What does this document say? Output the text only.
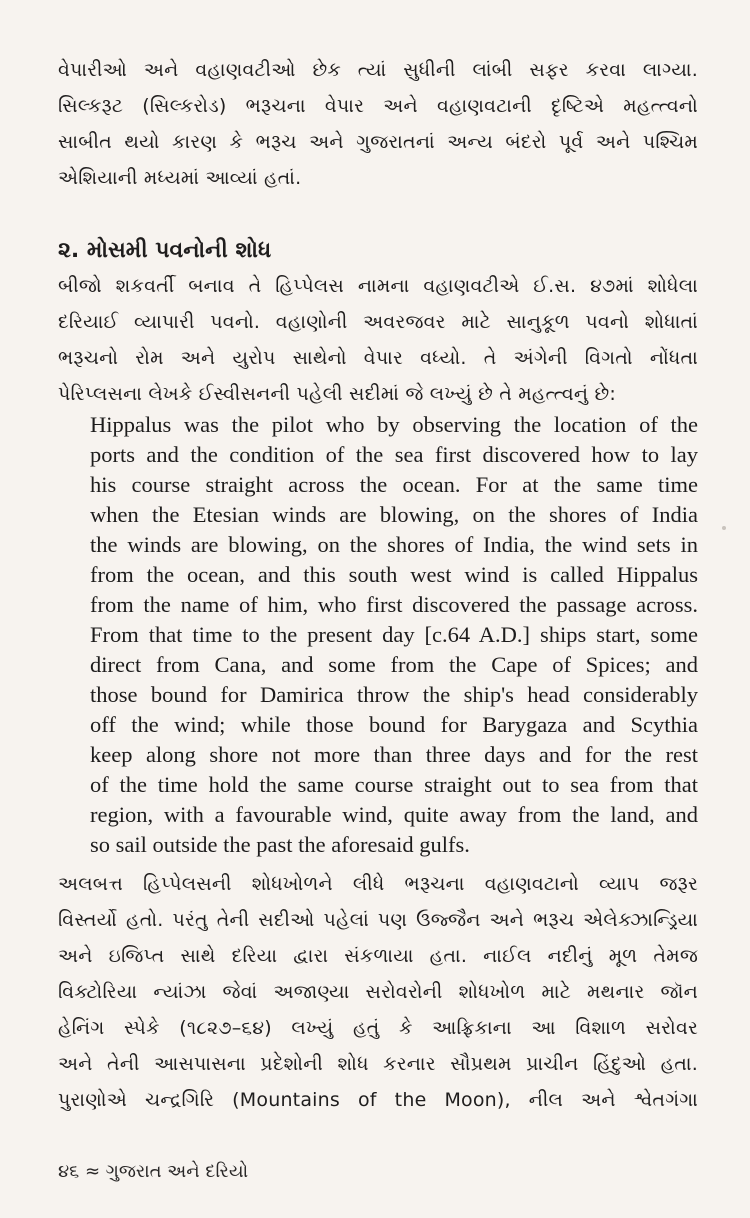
વેપારીઓ અને વહાણવટીઓ છેક ત્યાં સુધીની લાંબી સફર કરવા લાગ્યા.
સિલ્કરૂટ (સિલ્કરોડ) ભરૂચના વેપાર અને વહાણવટાની દૃષ્ટિએ મહત્ત્વનો
સાબીત થયો કારણ કે ભરૂચ અને ગુજરાતનાં અન્ય બંદરો પૂર્વ અને પશ્ચિમ
એશિયાની મધ્યમાં આવ્યાં હતાં.
૨. મોસમી પવનોની શોધ
બીજો શકવર્તી બનાવ તે હિપ્પેલસ નામના વહાણવટીએ ઈ.સ. ૪૭માં શોધેલા
દરિયાઈ વ્યાપારી પવનો. વહાણોની અવરજવર માટે સાનુકૂળ પવનો શોધાતાં
ભરૂચનો રોમ અને યુરોપ સાથેનો વેપાર વધ્યો. તે અંગેની વિગતો નોંધતા
પેરિપ્લસના લેખકે ઈસ્વીસનની પહેલી સદીમાં જે લખ્યું છે તે મહત્ત્વનું છે:
Hippalus was the pilot who by observing the location of the
ports and the condition of the sea first discovered how to lay
his course straight across the ocean. For at the same time
when the Etesian winds are blowing, on the shores of India
the winds are blowing, on the shores of India, the wind sets in
from the ocean, and this south west wind is called Hippalus
from the name of him, who first discovered the passage across.
From that time to the present day [c.64 A.D.] ships start, some
direct from Cana, and some from the Cape of Spices; and
those bound for Damirica throw the ship's head considerably
off the wind; while those bound for Barygaza and Scythia
keep along shore not more than three days and for the rest
of the time hold the same course straight out to sea from that
region, with a favourable wind, quite away from the land, and
so sail outside the past the aforesaid gulfs.
અલબત્ત હિપ્પેલસની શોધખોળને લીધે ભરૂચના વહાણવટાનો વ્યાપ જરૂર
વિસ્તર્યો હતો. પરંતુ તેની સદીઓ પહેલાં પણ ઉજ્જૈન અને ભરૂચ એલેક્ઝાન્ડ્રિયા
અને ઇજિપ્ત સાથે દરિયા દ્વારા સંકળાયા હતા. નાઈલ નદીનું મૂળ તેમજ
વિક્ટોરિયા ન્યાંઝા જેવાં અજાણ્યા સરોવરોની શોધખોળ માટે મથનાર જૉન
હેનિંગ સ્પેકે (૧૮૨૭–૬૪) લખ્યું હતું કે આફ્રિકાના આ વિશાળ સરોવર
અને તેની આસપાસના પ્રદેશોની શોધ કરનાર સૌપ્રથમ પ્રાચીન હિંદુઓ હતા.
પુરાણોએ ચન્દ્રગિરિ (Mountains of the Moon), નીલ અને શ્વેતગંગા
૪૬ ≈ ગુજરાત અને દરિયો
